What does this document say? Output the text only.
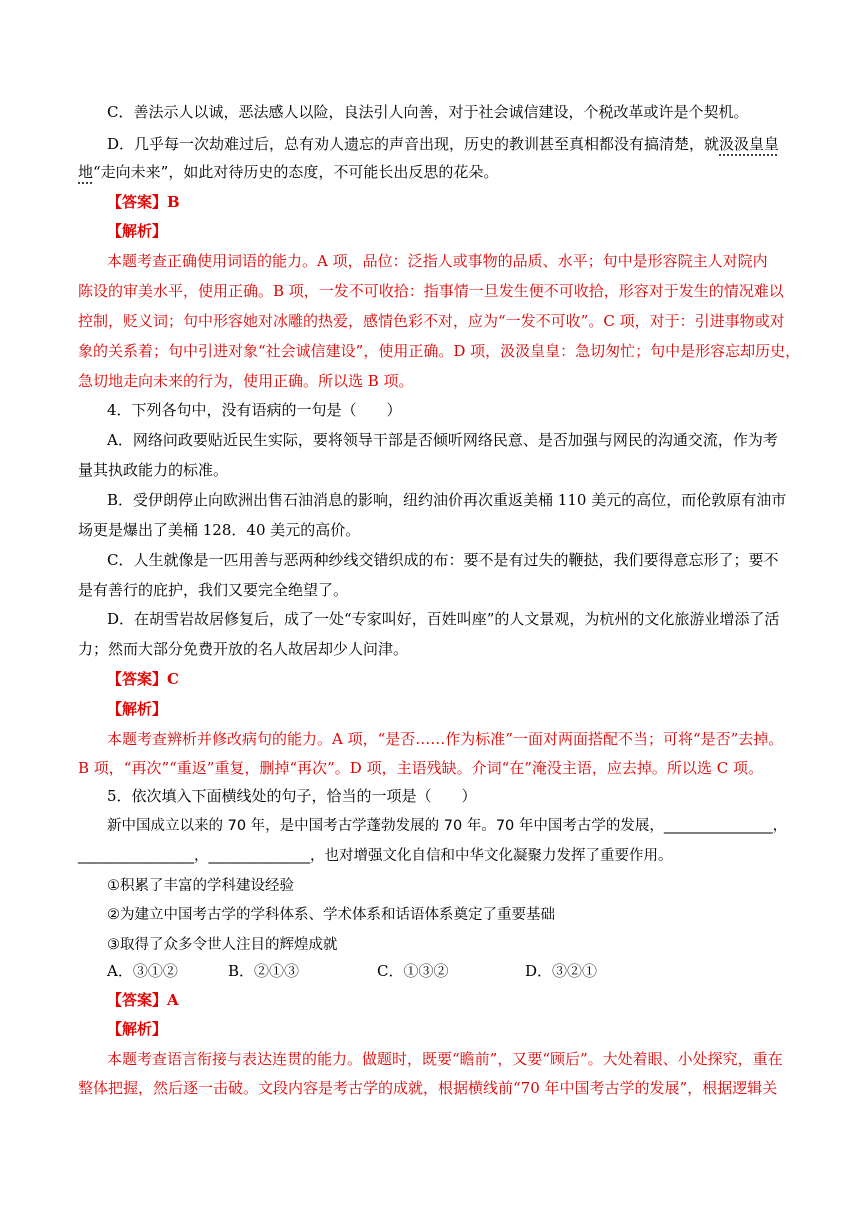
C．善法示人以诚，恶法感人以险，良法引人向善，对于社会诚信建设，个税改革或许是个契机。
D．几乎每一次劫难过后，总有劝人遗忘的声音出现，历史的教训甚至真相都没有搞清楚，就汲汲皇皇
地“走向未来”，如此对待历史的态度，不可能长出反思的花朵。
【答案】B
【解析】
本题考查正确使用词语的能力。A 项，品位：泛指人或事物的品质、水平；句中是形容院主人对院内
陈设的审美水平，使用正确。B 项，一发不可收拾：指事情一旦发生便不可收拾，形容对于发生的情况难以
控制，贬义词；句中形容她对冰雕的热爱，感情色彩不对，应为“一发不可收”。C 项，对于：引进事物或对
象的关系着；句中引进对象“社会诚信建设”，使用正确。D 项，汲汲皇皇：急切匆忙；句中是形容忘却历史，
急切地走向未来的行为，使用正确。所以选 B 项。
4．下列各句中，没有语病的一句是（　　）
A．网络问政要贴近民生实际，要将领导干部是否倾听网络民意、是否加强与网民的沟通交流，作为考
量其执政能力的标准。
B．受伊朗停止向欧洲出售石油消息的影响，纽约油价再次重返美桶 110 美元的高位，而伦敦原有油市
场更是爆出了美桶 128．40 美元的高价。
C．人生就像是一匹用善与恶两种纱线交错织成的布：要不是有过失的鞭挞，我们要得意忘形了；要不
是有善行的庇护，我们又要完全绝望了。
D．在胡雪岩故居修复后，成了一处“专家叫好，百姓叫座”的人文景观，为杭州的文化旅游业增添了活
力；然而大部分免费开放的名人故居却少人问津。
【答案】C
【解析】
本题考查辨析并修改病句的能力。A 项，“是否……作为标准”一面对两面搭配不当；可将“是否”去掉。
B 项，“再次”“重返”重复，删掉“再次”。D 项，主语残缺。介词“在”淹没主语，应去掉。所以选 C 项。
5．依次填入下面横线处的句子，恰当的一项是（　　）
新中国成立以来的 70 年，是中国考古学蓬勃发展的 70 年。70 年中国考古学的发展，_______________，
________________，______________，也对增强文化自信和中华文化凝聚力发挥了重要作用。
①积累了丰富的学科建设经验
②为建立中国考古学的学科体系、学术体系和话语体系奠定了重要基础
③取得了众多令世人注目的辉煌成就
A．③①②	B．②①③	C．①③②	D．③②①
【答案】A
【解析】
本题考查语言衔接与表达连贯的能力。做题时，既要“瞻前”，又要“顾后”。大处着眼、小处探究，重在
整体把握，然后逐一击破。文段内容是考古学的成就，根据横线前“70 年中国考古学的发展”，根据逻辑关
